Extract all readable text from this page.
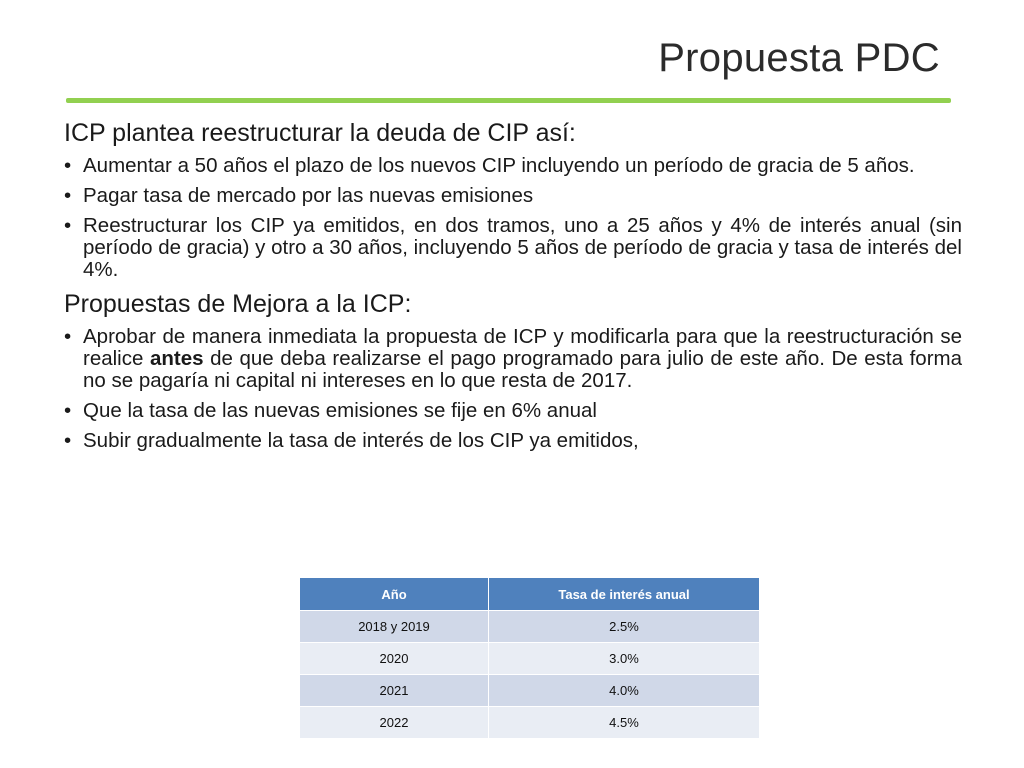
Propuesta PDC
ICP plantea reestructurar la deuda de CIP así:
• Aumentar a 50 años el plazo de los nuevos CIP incluyendo un período de gracia de 5 años.
• Pagar tasa de mercado por las nuevas emisiones
• Reestructurar los CIP ya emitidos, en dos tramos, uno a 25 años y 4% de interés anual (sin período de gracia) y otro a 30 años, incluyendo 5 años de período de gracia y tasa de interés del 4%.
Propuestas de Mejora a la ICP:
• Aprobar de manera inmediata la propuesta de ICP y modificarla para que la reestructuración se realice antes de que deba realizarse el pago programado para julio de este año. De esta forma no se pagaría ni capital ni intereses en lo que resta de 2017.
• Que la tasa de las nuevas emisiones se fije en 6% anual
• Subir gradualmente la tasa de interés de los CIP ya emitidos,
Año	Tasa de interés anual
2018 y 2019	2.5%
2020	3.0%
2021	4.0%
2022	4.5%
